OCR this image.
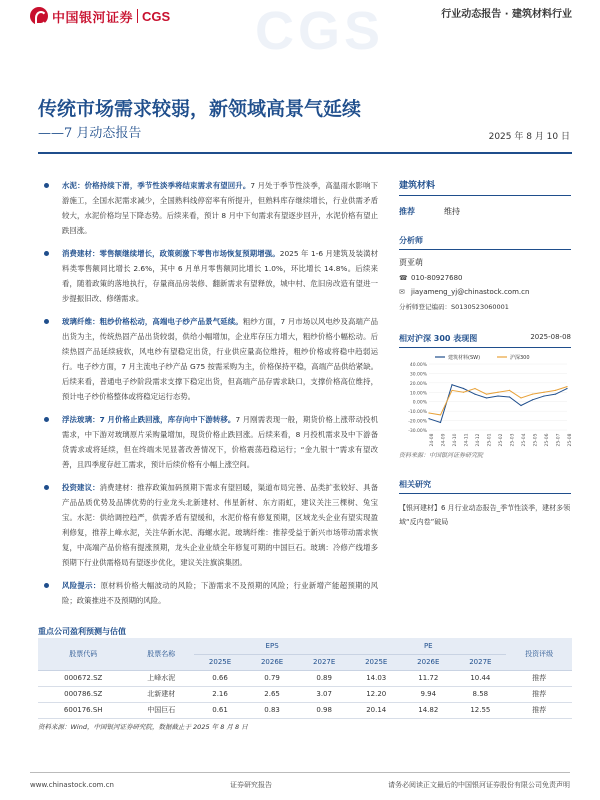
中国银河证券 CGS	行业动态报告 · 建筑材料行业
CGS
传统市场需求较弱，新领域高景气延续
——7 月动态报告	2025 年 8 月 10 日
水泥：价格持续下滑，季节性淡季将结束需求有望回升。7 月处于季节性淡季，高温雨水影响下游施工，全国水泥需求减少，全国熟料线停窑率有所提升，但熟料库存继续增长，行业供需矛盾较大，水泥价格均呈下降态势。后续来看，预计 8 月中下旬需求有望逐步回升，水泥价格有望止跌回涨。
消费建材：零售额继续增长，政策刺激下零售市场恢复预期增强。2025 年 1-6 月建筑及装潢材料类零售额同比增长 2.6%，其中 6 月单月零售额同比增长 1.0%，环比增长 14.8%。后续来看，随着政策的落地执行，存量商品房装修、翻新需求有望释放，城中村、危旧房改造有望进一步提振旧改、修缮需求。
玻璃纤维：粗纱价格松动，高端电子纱产品景气延续。粗纱方面，7 月市场以风电纱及高端产品出货为主，传统热固产品出货较弱，供给小幅增加，企业库存压力增大，粗纱价格小幅松动。后续热固产品延续疲软，风电纱有望稳定出货，行业供应量高位维持，粗纱价格或将稳中趋弱运行。电子纱方面，7 月主流电子纱产品 G75 按需采购为主，价格保持平稳，高端产品供给紧缺。后续来看，普通电子纱阶段需求支撑下稳定出货，但高端产品存需求缺口，支撑价格高位维持，预计电子纱价格整体或将稳定运行态势。
浮法玻璃：7 月价格止跌回涨，库存向中下游转移。7 月刚需表现一般，期货价格上涨带动投机需求，中下游对玻璃原片采购量增加，现货价格止跌回涨。后续来看，8 月投机需求及中下游备货需求或将延续，但在终端未见显著改善情况下，价格震荡趋稳运行；“金九银十”需求有望改善，且四季度存赶工需求，预计后续价格有小幅上涨空间。
投资建议：消费建材：推荐政策加码预期下需求有望回暖，渠道布局完善、品类扩张较好、具备产品品质优势及品牌优势的行业龙头北新建材、伟星新材、东方雨虹，建议关注三棵树、兔宝宝。水泥：供给调控趋严，供需矛盾有望缓和，水泥价格有修复预期，区域龙头企业有望实现盈利修复，推荐上峰水泥，关注华新水泥、海螺水泥。玻璃纤维：推荐受益于新兴市场带动需求恢复，中高端产品价格有提涨预期，龙头企业业绩全年修复可期的中国巨石。玻璃：冷修产线增多预期下行业供需格局有望逐步优化，建议关注旗滨集团。
风险提示：原材料价格大幅波动的风险；下游需求不及预期的风险；行业新增产能超预期的风险；政策推进不及预期的风险。
建筑材料
推荐	维持
分析师
贾亚萌
☎ 010-80927680
✉ jiayameng_yj@chinastock.com.cn
分析师登记编码：S0130523060001
相对沪深 300 表现图	2025-08-08
40.00%
30.00%
20.00%
10.00%
0.00%
-10.00%
-20.00%
-30.00%
24-08 24-09 24-10 24-11 24-12 25-01 25-02 25-03 25-04 25-05 25-06 25-07 25-08
建筑材料(SW)	沪深300
资料来源：中国银河证券研究院
相关研究
【银河建材】6 月行业动态报告_季节性淡季，建材多领域“反内卷”破局
重点公司盈利预测与估值
股票代码	股票名称	EPS			PE			投资评级
		2025E	2026E	2027E	2025E	2026E	2027E	
000672.SZ	上峰水泥	0.66	0.79	0.89	14.03	11.72	10.44	推荐
000786.SZ	北新建材	2.16	2.65	3.07	12.20	9.94	8.58	推荐
600176.SH	中国巨石	0.61	0.83	0.98	20.14	14.82	12.55	推荐
资料来源：Wind，中国银河证券研究院，数据截止于 2025 年 8 月 8 日
www.chinastock.com.cn	证券研究报告	请务必阅读正文最后的中国银河证券股份有限公司免责声明
